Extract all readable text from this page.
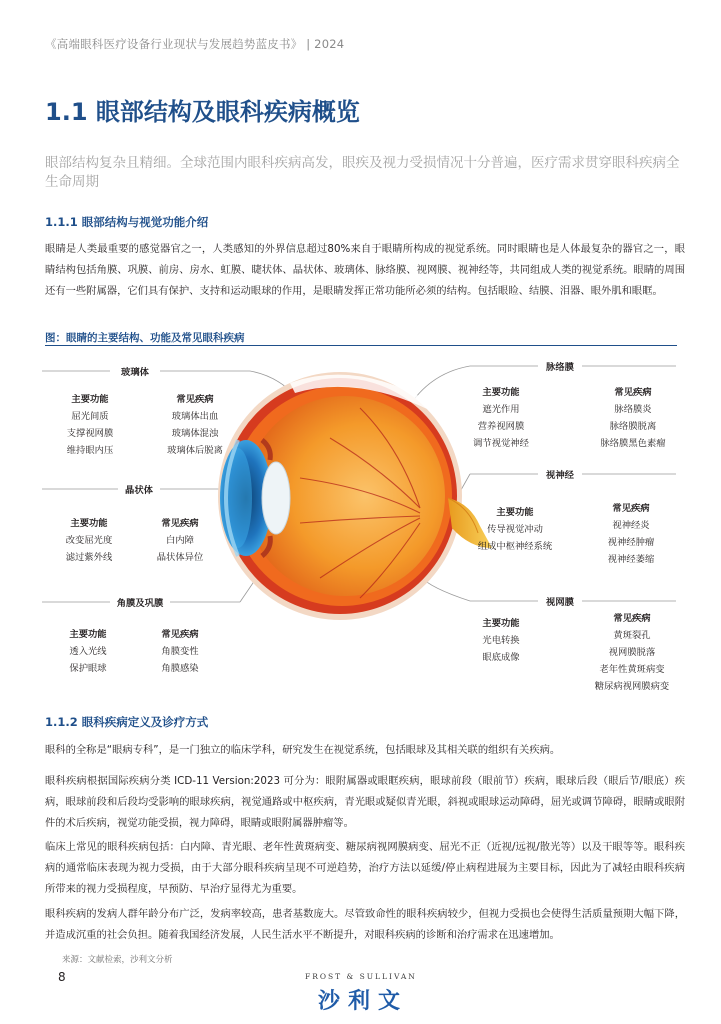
《高端眼科医疗设备行业现状与发展趋势蓝皮书》 | 2024
1.1 眼部结构及眼科疾病概览
眼部结构复杂且精细。全球范围内眼科疾病高发，眼疾及视力受损情况十分普遍，医疗需求贯穿眼科疾病全生命周期
1.1.1 眼部结构与视觉功能介绍
眼睛是人类最重要的感觉器官之一，人类感知的外界信息超过80%来自于眼睛所构成的视觉系统。同时眼睛也是人体最复杂的器官之一，眼睛结构包括角膜、巩膜、前房、房水、虹膜、睫状体、晶状体、玻璃体、脉络膜、视网膜、视神经等，共同组成人类的视觉系统。眼睛的周围还有一些附属器，它们具有保护、支持和运动眼球的作用，是眼睛发挥正常功能所必须的结构。包括眼睑、结膜、泪器、眼外肌和眼眶。
图：眼睛的主要结构、功能及常见眼科疾病
玻璃体
主要功能
屈光间质
支撑视网膜
维持眼内压
常见疾病
玻璃体出血
玻璃体混浊
玻璃体后脱离
晶状体
主要功能
改变屈光度
滤过紫外线
常见疾病
白内障
晶状体异位
角膜及巩膜
主要功能
透入光线
保护眼球
常见疾病
角膜变性
角膜感染
脉络膜
主要功能
遮光作用
营养视网膜
调节视觉神经
常见疾病
脉络膜炎
脉络膜脱离
脉络膜黑色素瘤
视神经
主要功能
传导视觉冲动
组成中枢神经系统
常见疾病
视神经炎
视神经肿瘤
视神经萎缩
视网膜
主要功能
光电转换
眼底成像
常见疾病
黄斑裂孔
视网膜脱落
老年性黄斑病变
糖尿病视网膜病变
1.1.2 眼科疾病定义及诊疗方式
眼科的全称是“眼病专科”，是一门独立的临床学科，研究发生在视觉系统，包括眼球及其相关联的组织有关疾病。
眼科疾病根据国际疾病分类 ICD-11 Version:2023 可分为：眼附属器或眼眶疾病，眼球前段（眼前节）疾病，眼球后段（眼后节/眼底）疾病，眼球前段和后段均受影响的眼球疾病，视觉通路或中枢疾病，青光眼或疑似青光眼，斜视或眼球运动障碍，屈光或调节障碍，眼睛或眼附件的术后疾病，视觉功能受损，视力障碍，眼睛或眼附属器肿瘤等。
临床上常见的眼科疾病包括：白内障、青光眼、老年性黄斑病变、糖尿病视网膜病变、屈光不正（近视/远视/散光等）以及干眼等等。眼科疾病的通常临床表现为视力受损，由于大部分眼科疾病呈现不可逆趋势，治疗方法以延缓/停止病程进展为主要目标，因此为了减轻由眼科疾病所带来的视力受损程度，早预防、早治疗显得尤为重要。
眼科疾病的发病人群年龄分布广泛，发病率较高，患者基数庞大。尽管致命性的眼科疾病较少，但视力受损也会使得生活质量预期大幅下降，并造成沉重的社会负担。随着我国经济发展，人民生活水平不断提升，对眼科疾病的诊断和治疗需求在迅速增加。
来源：文献检索，沙利文分析
8	FROST & SULLIVAN
沙利文
